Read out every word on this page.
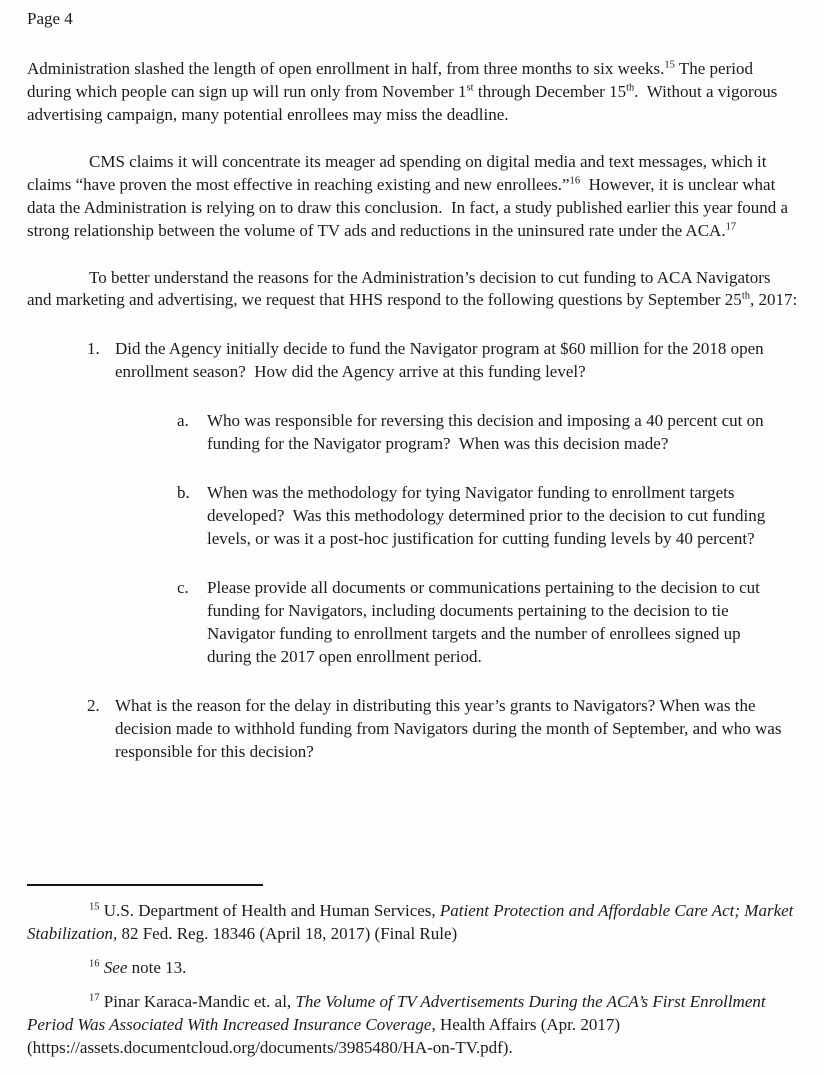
Page 4

Administration slashed the length of open enrollment in half, from three months to six weeks.$^{15}$ The period during which people can sign up will run only from November 1st through December 15th.  Without a vigorous advertising campaign, many potential enrollees may miss the deadline.

CMS claims it will concentrate its meager ad spending on digital media and text messages, which it claims “have proven the most effective in reaching existing and new enrollees.”$^{16}$  However, it is unclear what data the Administration is relying on to draw this conclusion.  In fact, a study published earlier this year found a strong relationship between the volume of TV ads and reductions in the uninsured rate under the ACA.$^{17}$

To better understand the reasons for the Administration’s decision to cut funding to ACA Navigators and marketing and advertising, we request that HHS respond to the following questions by September 25th, 2017:

1. Did the Agency initially decide to fund the Navigator program at $60 million for the 2018 open enrollment season?  How did the Agency arrive at this funding level?
a.	Who was responsible for reversing this decision and imposing a 40 percent cut on funding for the Navigator program?  When was this decision made?
b.	When was the methodology for tying Navigator funding to enrollment targets developed?  Was this methodology determined prior to the decision to cut funding levels, or was it a post-hoc justification for cutting funding levels by 40 percent?
c.	Please provide all documents or communications pertaining to the decision to cut funding for Navigators, including documents pertaining to the decision to tie Navigator funding to enrollment targets and the number of enrollees signed up during the 2017 open enrollment period.
2. What is the reason for the delay in distributing this year’s grants to Navigators? When was the decision made to withhold funding from Navigators during the month of September, and who was responsible for this decision?

$^{15}$ U.S. Department of Health and Human Services, Patient Protection and Affordable Care Act; Market Stabilization, 82 Fed. Reg. 18346 (April 18, 2017) (Final Rule)

$^{16}$ See note 13.

$^{17}$ Pinar Karaca-Mandic et. al, The Volume of TV Advertisements During the ACA’s First Enrollment Period Was Associated With Increased Insurance Coverage, Health Affairs (Apr. 2017) (https://assets.documentcloud.org/documents/3985480/HA-on-TV.pdf).
